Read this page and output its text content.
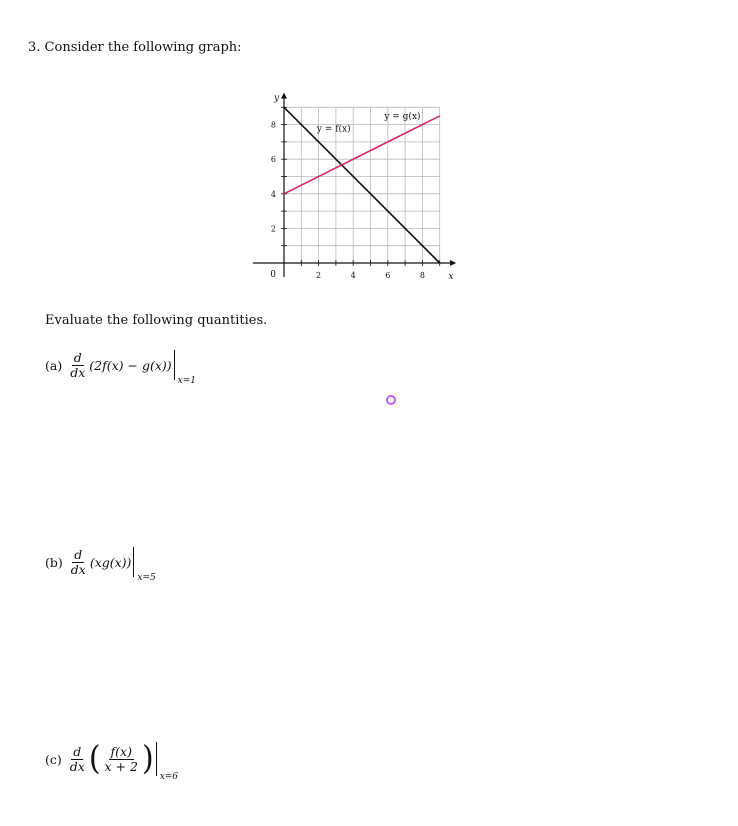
3. Consider the following graph:
2	4	6	8
2
4
6
8	y = f(x)
y = g(x)
x
y
0
Evaluate the following quantities.
(a)
$\frac{d}{dx} (2f(x) - g(x))$
x=1
(b)
$\frac{d}{dx} (xg(x))$
x=5
(c)
$\frac{d}{dx}$ ( $\frac{f(x)}{x + 2}$ ) x=6
